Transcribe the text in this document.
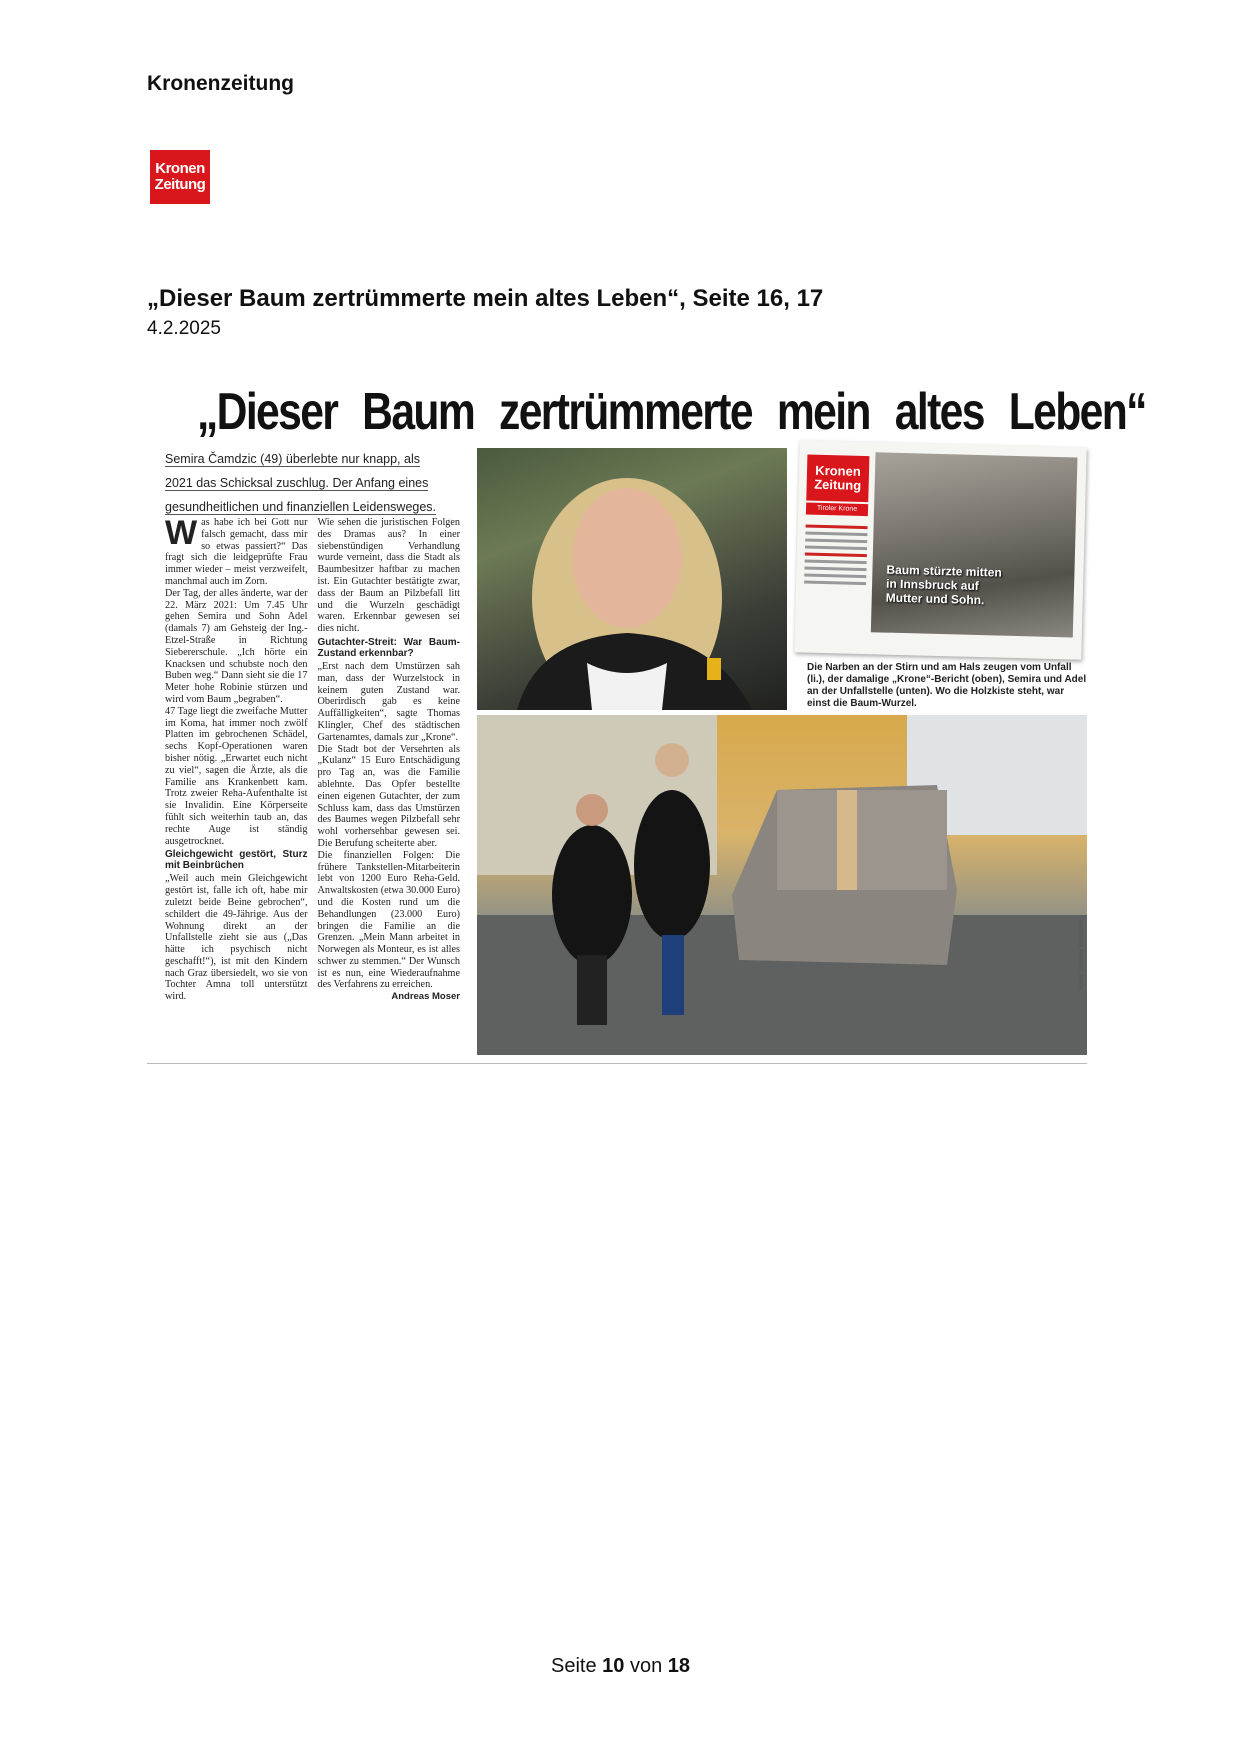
Kronenzeitung
Kronen
Zeitung
„Dieser Baum zertrümmerte mein altes Leben“, Seite 16, 17
4.2.2025
„Dieser Baum zertrümmerte mein altes Leben“
Semira Čamdzic (49) überlebte nur knapp, als
2021 das Schicksal zuschlug. Der Anfang eines
gesundheitlichen und finanziellen Leidensweges.

Was habe ich bei Gott nur falsch gemacht, dass mir so etwas passiert?“ Das fragt sich die leidgeprüfte Frau immer wieder – meist verzweifelt, manchmal auch im Zorn.

Der Tag, der alles änderte, war der 22. März 2021: Um 7.45 Uhr gehen Semira und Sohn Adel (damals 7) am Gehsteig der Ing.-Etzel-Straße in Richtung Siebererschule. „Ich hörte ein Knacksen und schubste noch den Buben weg.“ Dann sieht sie die 17 Meter hohe Robinie stürzen und wird vom Baum „begraben“.

47 Tage liegt die zweifache Mutter im Koma, hat immer noch zwölf Platten im gebrochenen Schädel, sechs Kopf-Operationen waren bisher nötig. „Erwartet euch nicht zu viel“, sagen die Ärzte, als die Familie ans Krankenbett kam. Trotz zweier Reha-Aufenthalte ist sie Invalidin. Eine Körperseite fühlt sich weiterhin taub an, das rechte Auge ist ständig ausgetrocknet.

Gleichgewicht gestört, Sturz mit Beinbrüchen

„Weil auch mein Gleichgewicht gestört ist, falle ich oft, habe mir zuletzt beide Beine gebrochen“, schildert die 49-Jährige. Aus der Wohnung direkt an der Unfallstelle zieht sie aus („Das hätte ich psychisch nicht geschafft!“), ist mit den Kindern nach Graz übersiedelt, wo sie von Tochter Amna toll unterstützt wird.

Wie sehen die juristischen Folgen des Dramas aus? In einer siebenstündigen Verhandlung wurde verneint, dass die Stadt als Baumbesitzer haftbar zu machen ist. Ein Gutachter bestätigte zwar, dass der Baum an Pilzbefall litt und die Wurzeln geschädigt waren. Erkennbar gewesen sei dies nicht.

Gutachter-Streit: War Baum-Zustand erkennbar?

„Erst nach dem Umstürzen sah man, dass der Wurzelstock in keinem guten Zustand war. Oberirdisch gab es keine Auffälligkeiten“, sagte Thomas Klingler, Chef des städtischen Gartenamtes, damals zur „Krone“.

Die Stadt bot der Versehrten als „Kulanz“ 15 Euro Entschädigung pro Tag an, was die Familie ablehnte. Das Opfer bestellte einen eigenen Gutachter, der zum Schluss kam, dass das Umstürzen des Baumes wegen Pilzbefall sehr wohl vorhersehbar gewesen sei. Die Berufung scheiterte aber.

Die finanziellen Folgen: Die frühere Tankstellen-Mitarbeiterin lebt von 1200 Euro Reha-Geld. Anwaltskosten (etwa 30.000 Euro) und die Kosten rund um die Behandlungen (23.000 Euro) bringen die Familie an die Grenzen. „Mein Mann arbeitet in Norwegen als Monteur, es ist alles schwer zu stemmen.“ Der Wunsch ist es nun, eine Wiederaufnahme des Verfahrens zu erreichen.
Andreas Moser

Kronen
Zeitung
Tiroler Krone
Baum stürzte mitten in Innsbruck auf Mutter und Sohn.
Die Narben an der Stirn und am Hals zeugen vom Unfall (li.), der damalige „Krone“-Bericht (oben), Semira und Adel an der Unfallstelle (unten). Wo die Holzkiste steht, war einst die Baum-Wurzel.
Fotos: Johanna Birbaumer
Seite 10 von 18
